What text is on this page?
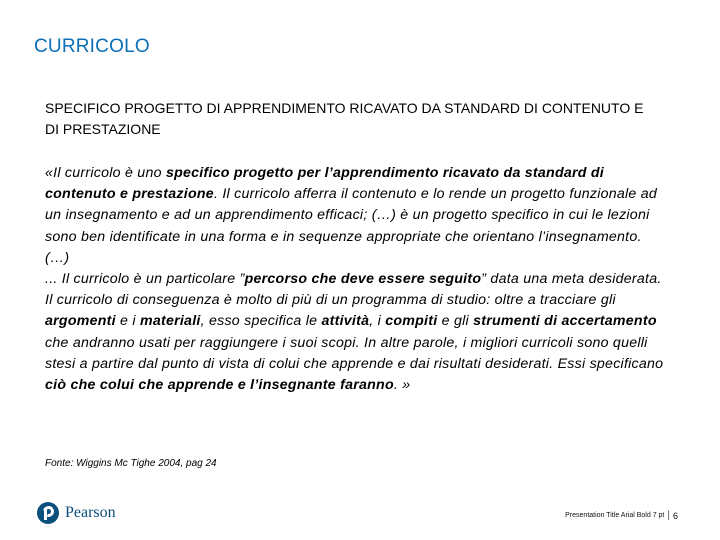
CURRICOLO
SPECIFICO PROGETTO DI APPRENDIMENTO RICAVATO DA STANDARD DI CONTENUTO E DI PRESTAZIONE

«Il curricolo è uno specifico progetto per l’apprendimento ricavato da standard di contenuto e prestazione. Il curricolo afferra il contenuto e lo rende un progetto funzionale ad un insegnamento e ad un apprendimento efficaci; (…) è un progetto specifico in cui le lezioni sono ben identificate in una forma e in sequenze appropriate che orientano l’insegnamento.

(…)

... Il curricolo è un particolare ”percorso che deve essere seguito” data una meta desiderata. Il curricolo di conseguenza è molto di più di un programma di studio: oltre a tracciare gli argomenti e i materiali, esso specifica le attività, i compiti e gli strumenti di accertamento che andranno usati per raggiungere i suoi scopi. In altre parole, i migliori curricoli sono quelli stesi a partire dal punto di vista di colui che apprende e dai risultati desiderati. Essi specificano ciò che colui che apprende e l’insegnante faranno. »

Fonte: Wiggins Mc Tighe 2004, pag 24
Pearson	Presentation Title Arial Bold 7 pt | 6
